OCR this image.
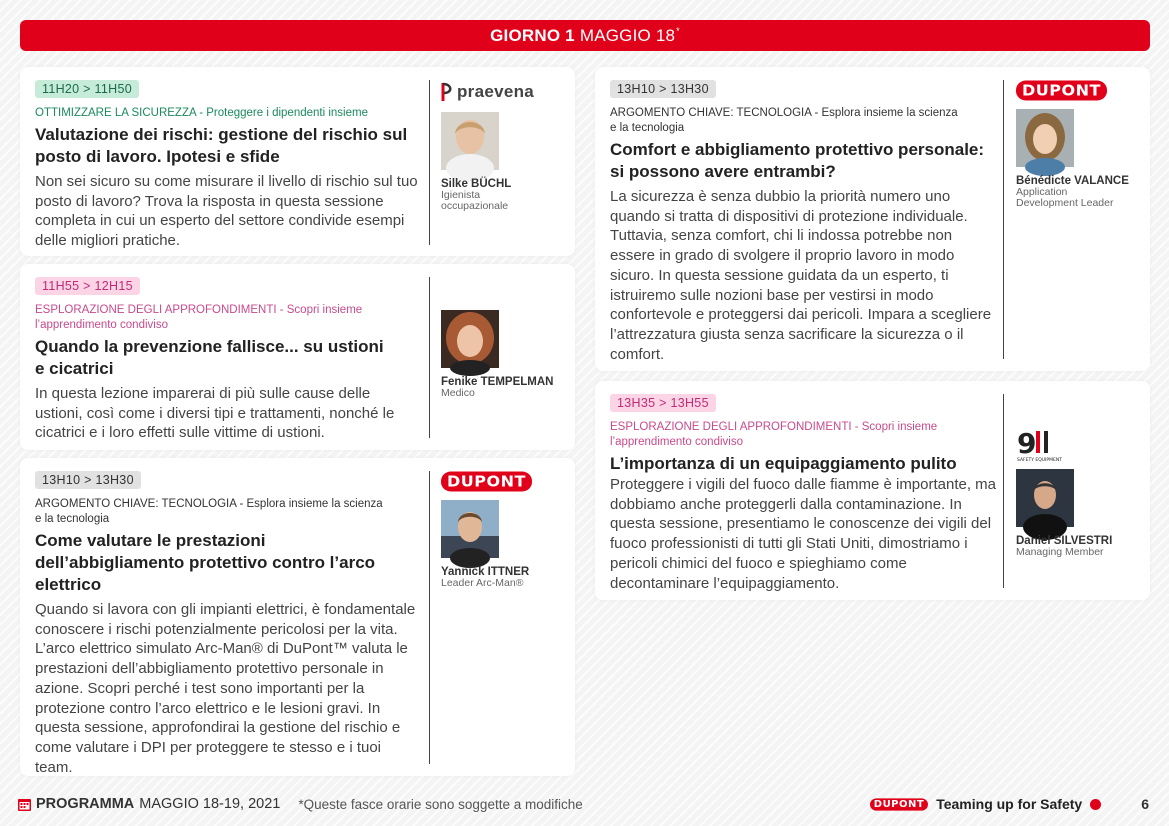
GIORNO 1 MAGGIO 18*
11H20 > 11H50
OTTIMIZZARE LA SICUREZZA - Proteggere i dipendenti insieme
Valutazione dei rischi: gestione del rischio sul posto di lavoro. Ipotesi e sfide
Non sei sicuro su come misurare il livello di rischio sul tuo posto di lavoro? Trova la risposta in questa sessione completa in cui un esperto del settore condivide esempi delle migliori pratiche.
praevena
Silke BÜCHL
Igienista occupazionale
11H55 > 12H15
ESPLORAZIONE DEGLI APPROFONDIMENTI - Scopri insieme l’apprendimento condiviso
Quando la prevenzione fallisce... su ustioni e cicatrici
In questa lezione imparerai di più sulle cause delle ustioni, così come i diversi tipi e trattamenti, nonché le cicatrici e i loro effetti sulle vittime di ustioni.
Fenike TEMPELMAN
Medico
13H10 > 13H30
ARGOMENTO CHIAVE: TECNOLOGIA - Esplora insieme la scienza e la tecnologia
Come valutare le prestazioni dell’abbigliamento protettivo contro l’arco elettrico
Quando si lavora con gli impianti elettrici, è fondamentale conoscere i rischi potenzialmente pericolosi per la vita. L’arco elettrico simulato Arc-Man® di DuPont™ valuta le prestazioni dell’abbigliamento protettivo personale in azione. Scopri perché i test sono importanti per la protezione contro l’arco elettrico e le lesioni gravi. In questa sessione, approfondirai la gestione del rischio e come valutare i DPI per proteggere te stesso e i tuoi team.
DUPONT
Yannick ITTNER
Leader Arc-Man®
13H10 > 13H30
ARGOMENTO CHIAVE: TECNOLOGIA - Esplora insieme la scienza e la tecnologia
Comfort e abbigliamento protettivo personale: si possono avere entrambi?
La sicurezza è senza dubbio la priorità numero uno quando si tratta di dispositivi di protezione individuale. Tuttavia, senza comfort, chi li indossa potrebbe non essere in grado di svolgere il proprio lavoro in modo sicuro. In questa sessione guidata da un esperto, ti istruiremo sulle nozioni base per vestirsi in modo confortevole e proteggersi dai pericoli. Impara a scegliere l’attrezzatura giusta senza sacrificare la sicurezza o il comfort.
DUPONT
Bénédicte VALANCE
Application Development Leader
13H35 > 13H55
ESPLORAZIONE DEGLI APPROFONDIMENTI - Scopri insieme l’apprendimento condiviso
L’importanza di un equipaggiamento pulito
Proteggere i vigili del fuoco dalle fiamme è importante, ma dobbiamo anche proteggerli dalla contaminazione. In questa sessione, presentiamo le conoscenze dei vigili del fuoco professionisti di tutti gli Stati Uniti, dimostriamo i pericoli chimici del fuoco e spieghiamo come decontaminare l’equipaggiamento.
9
SAFETY EQUIPMENT
Daniel SILVESTRI
Managing Member
PROGRAMMA MAGGIO 18-19, 2021 *Queste fasce orarie sono soggette a modifiche	DUPONT Teaming up for Safety	6
